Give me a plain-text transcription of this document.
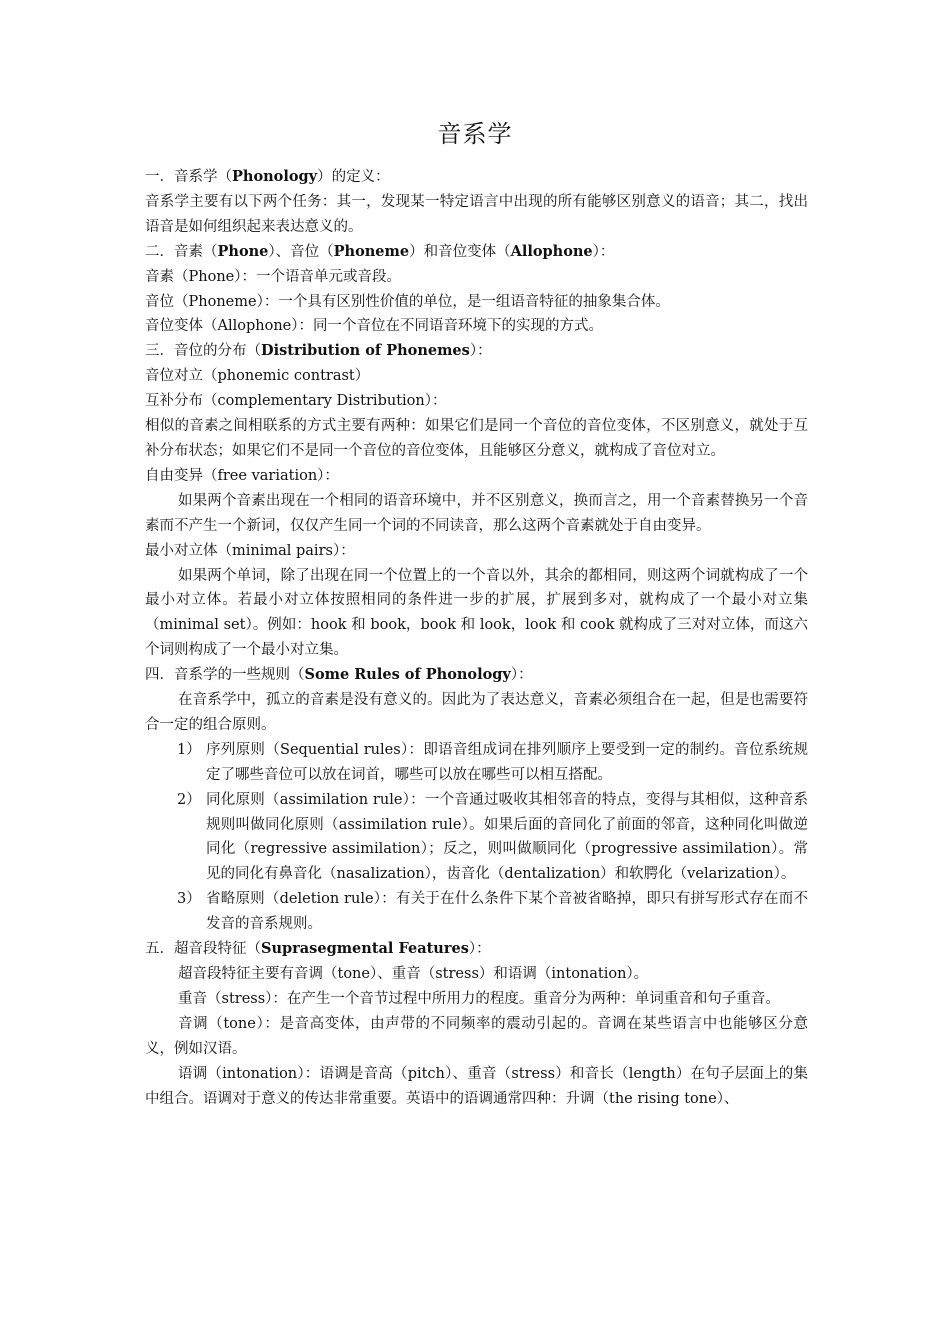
音系学

一．音系学（Phonology）的定义：

音系学主要有以下两个任务：其一，发现某一特定语言中出现的所有能够区别意义的语音；其二，找出语音是如何组织起来表达意义的。

二．音素（Phone）、音位（Phoneme）和音位变体（Allophone）：

音素（Phone）：一个语音单元或音段。

音位（Phoneme）：一个具有区别性价值的单位，是一组语音特征的抽象集合体。

音位变体（Allophone）：同一个音位在不同语音环境下的实现的方式。

三．音位的分布（Distribution of Phonemes）：

音位对立（phonemic contrast）

互补分布（complementary Distribution）：

相似的音素之间相联系的方式主要有两种：如果它们是同一个音位的音位变体，不区别意义，就处于互补分布状态；如果它们不是同一个音位的音位变体，且能够区分意义，就构成了音位对立。

自由变异（free variation）：

如果两个音素出现在一个相同的语音环境中，并不区别意义，换而言之，用一个音素替换另一个音素而不产生一个新词，仅仅产生同一个词的不同读音，那么这两个音素就处于自由变异。

最小对立体（minimal pairs）：

如果两个单词，除了出现在同一个位置上的一个音以外，其余的都相同，则这两个词就构成了一个最小对立体。若最小对立体按照相同的条件进一步的扩展，扩展到多对，就构成了一个最小对立集（minimal set）。例如：hook 和 book，book 和 look，look 和 cook 就构成了三对对立体，而这六个词则构成了一个最小对立集。

四．音系学的一些规则（Some Rules of Phonology）：

在音系学中，孤立的音素是没有意义的。因此为了表达意义，音素必须组合在一起，但是也需要符合一定的组合原则。

1） 序列原则（Sequential rules）：即语音组成词在排列顺序上要受到一定的制约。音位系统规定了哪些音位可以放在词首，哪些可以放在哪些可以相互搭配。

2） 同化原则（assimilation rule）：一个音通过吸收其相邻音的特点，变得与其相似，这种音系规则叫做同化原则（assimilation rule）。如果后面的音同化了前面的邻音，这种同化叫做逆同化（regressive assimilation）；反之，则叫做顺同化（progressive assimilation）。常见的同化有鼻音化（nasalization），齿音化（dentalization）和软腭化（velarization）。

3） 省略原则（deletion rule）：有关于在什么条件下某个音被省略掉，即只有拼写形式存在而不发音的音系规则。

五．超音段特征（Suprasegmental Features）：

超音段特征主要有音调（tone）、重音（stress）和语调（intonation）。

重音（stress）：在产生一个音节过程中所用力的程度。重音分为两种：单词重音和句子重音。

音调（tone）：是音高变体，由声带的不同频率的震动引起的。音调在某些语言中也能够区分意义，例如汉语。

语调（intonation）：语调是音高（pitch）、重音（stress）和音长（length）在句子层面上的集中组合。语调对于意义的传达非常重要。英语中的语调通常四种：升调（the rising tone）、
